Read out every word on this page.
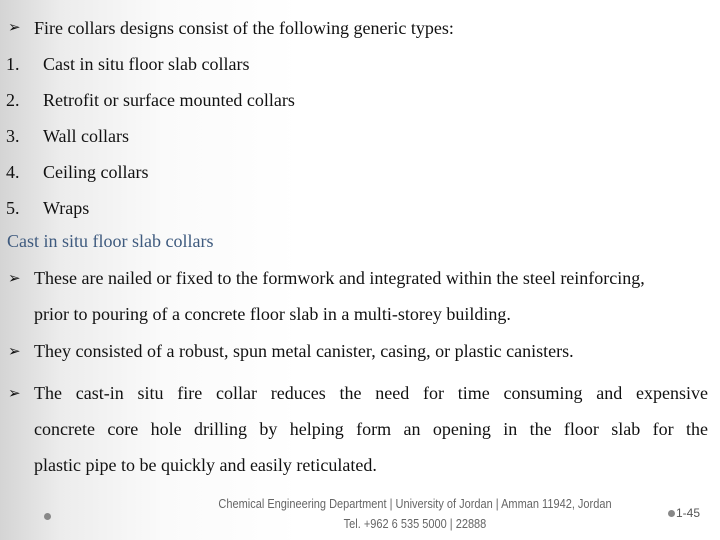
➢ Fire collars designs consist of the following generic types:
1. Cast in situ floor slab collars
2. Retrofit or surface mounted collars
3. Wall collars
4. Ceiling collars
5. Wraps
Cast in situ floor slab collars
➢ These are nailed or fixed to the formwork and integrated within the steel reinforcing,
prior to pouring of a concrete floor slab in a multi-storey building.
➢ They consisted of a robust, spun metal canister, casing, or plastic canisters.
➢ The cast-in situ fire collar reduces the need for time consuming and expensive
concrete core hole drilling by helping form an opening in the floor slab for the
plastic pipe to be quickly and easily reticulated.
Chemical Engineering Department | University of Jordan | Amman 11942, Jordan
Tel. +962 6 535 5000 | 22888
1-45
